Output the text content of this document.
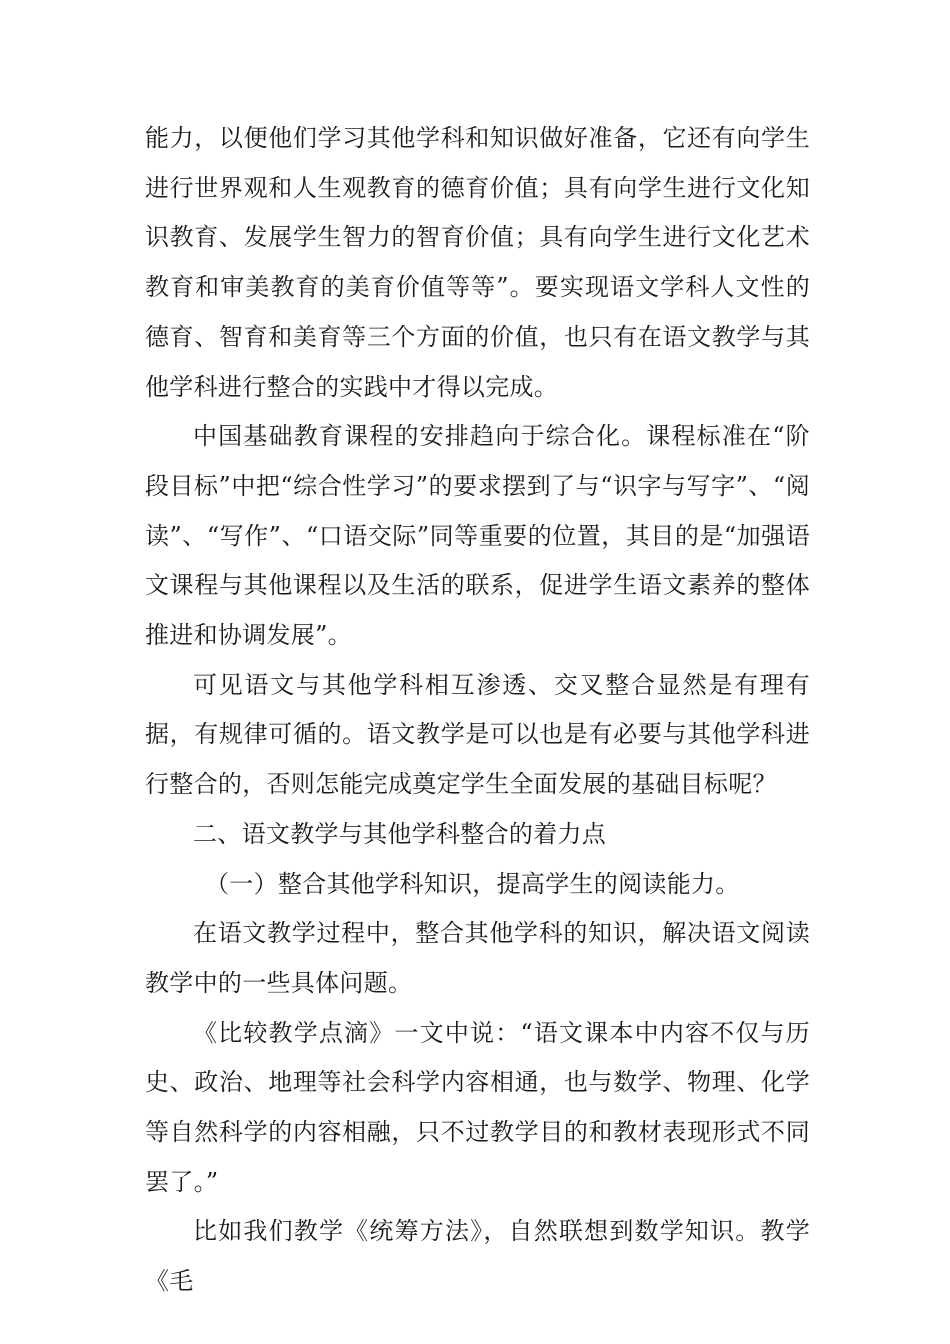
能力，以便他们学习其他学科和知识做好准备，它还有向学生进行世界观和人生观教育的德育价值；具有向学生进行文化知识教育、发展学生智力的智育价值；具有向学生进行文化艺术教育和审美教育的美育价值等等”。要实现语文学科人文性的德育、智育和美育等三个方面的价值，也只有在语文教学与其他学科进行整合的实践中才得以完成。

中国基础教育课程的安排趋向于综合化。课程标准在“阶段目标”中把“综合性学习”的要求摆到了与“识字与写字”、“阅读”、“写作”、“口语交际”同等重要的位置，其目的是“加强语文课程与其他课程以及生活的联系，促进学生语文素养的整体推进和协调发展”。

可见语文与其他学科相互渗透、交叉整合显然是有理有据，有规律可循的。语文教学是可以也是有必要与其他学科进行整合的，否则怎能完成奠定学生全面发展的基础目标呢？

二、语文教学与其他学科整合的着力点

（一）整合其他学科知识，提高学生的阅读能力。

在语文教学过程中，整合其他学科的知识，解决语文阅读教学中的一些具体问题。

《比较教学点滴》一文中说：“语文课本中内容不仅与历史、政治、地理等社会科学内容相通，也与数学、物理、化学等自然科学的内容相融，只不过教学目的和教材表现形式不同罢了。”

比如我们教学《统筹方法》，自然联想到数学知识。教学《毛
